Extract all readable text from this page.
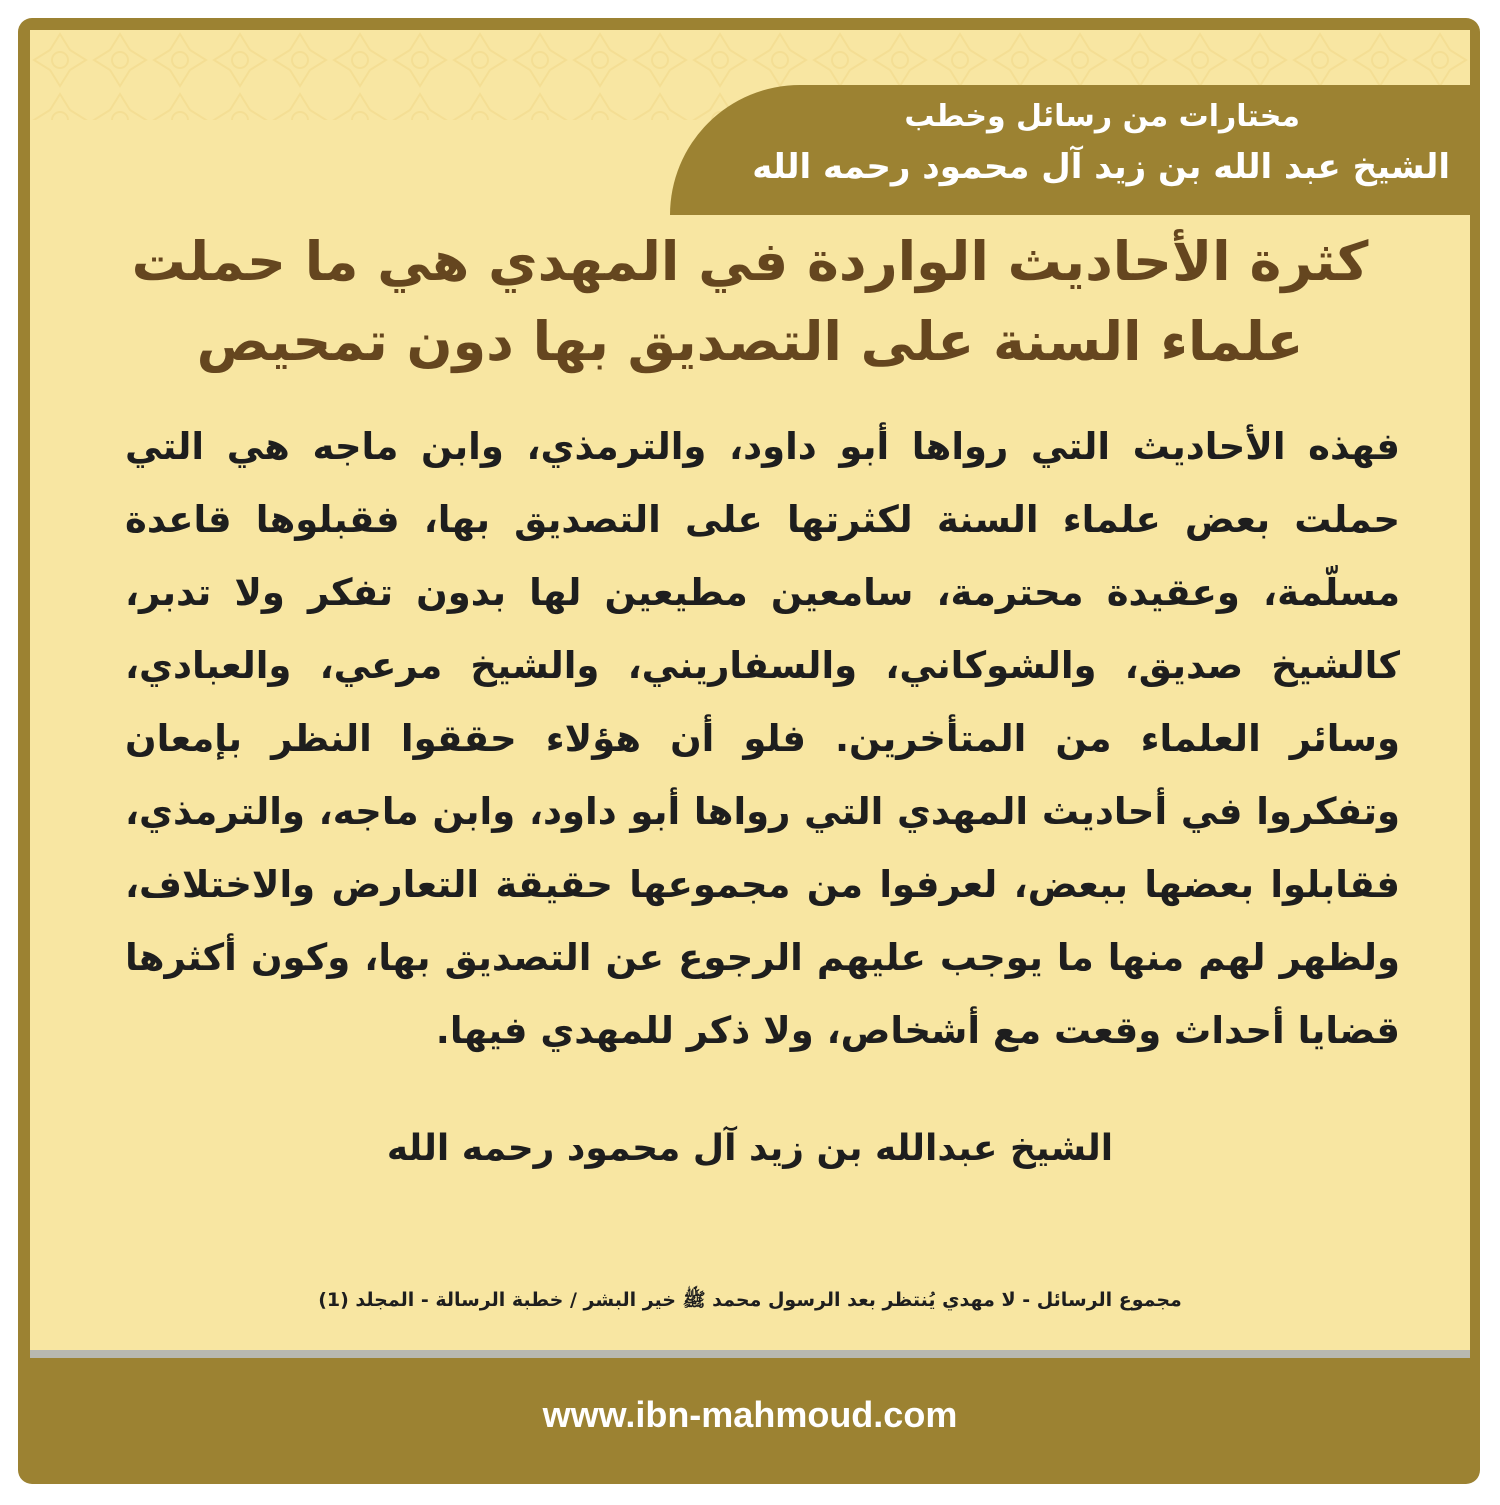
مختارات من رسائل وخطب
الشيخ عبد الله بن زيد آل محمود رحمه الله
كثرة الأحاديث الواردة في المهدي هي ما حملت علماء السنة على التصديق بها دون تمحيص

فهذه الأحاديث التي رواها أبو داود، والترمذي، وابن ماجه هي التي حملت بعض علماء السنة لكثرتها على التصديق بها، فقبلوها قاعدة مسلّمة، وعقيدة محترمة، سامعين مطيعين لها بدون تفكر ولا تدبر، كالشيخ صديق، والشوكاني، والسفاريني، والشيخ مرعي، والعبادي، وسائر العلماء من المتأخرين. فلو أن هؤلاء حققوا النظر بإمعان وتفكروا في أحاديث المهدي التي رواها أبو داود، وابن ماجه، والترمذي، فقابلوا بعضها ببعض، لعرفوا من مجموعها حقيقة التعارض والاختلاف، ولظهر لهم منها ما يوجب عليهم الرجوع عن التصديق بها، وكون أكثرها قضايا أحداث وقعت مع أشخاص، ولا ذكر للمهدي فيها.

الشيخ عبدالله بن زيد آل محمود رحمه الله

مجموع الرسائل - لا مهدي يُنتظر بعد الرسول محمد ﷺ خير البشر / خطبة الرسالة - المجلد (1)

www.ibn-mahmoud.com
